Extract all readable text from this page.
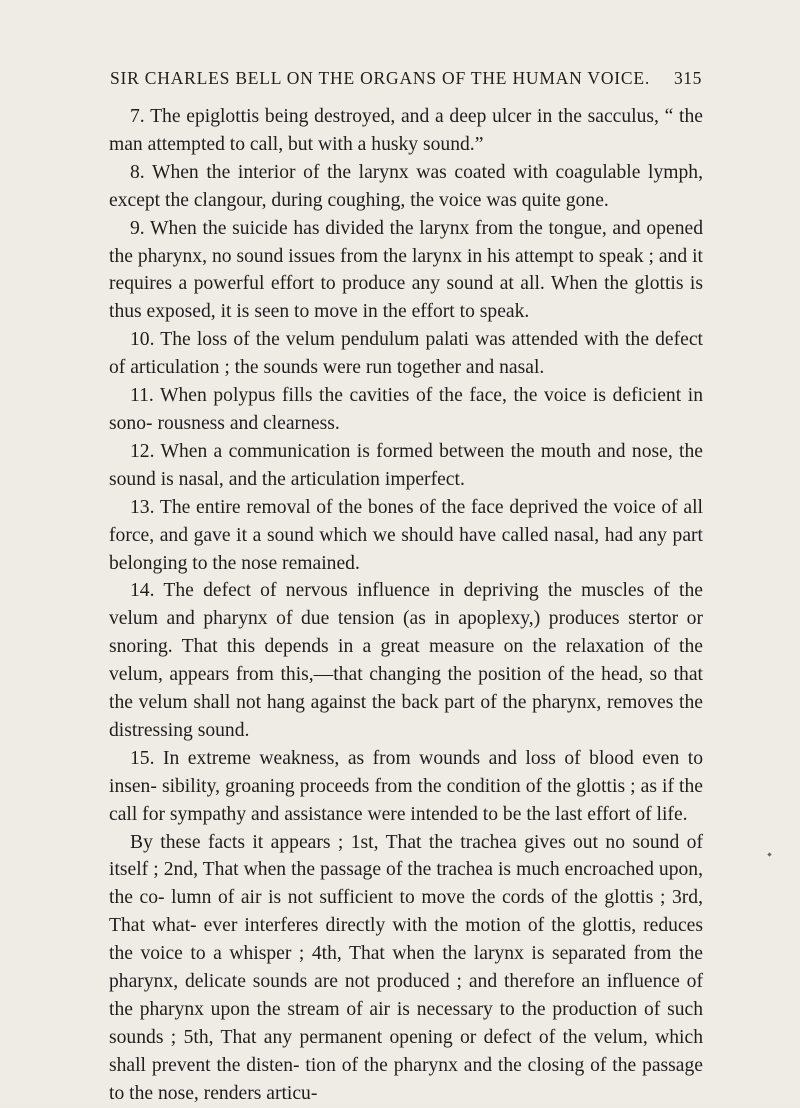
SIR CHARLES BELL ON THE ORGANS OF THE HUMAN VOICE. 315

7. The epiglottis being destroyed, and a deep ulcer in the sacculus, “ the man attempted to call, but with a husky sound.”

8. When the interior of the larynx was coated with coagulable lymph, except the clangour, during coughing, the voice was quite gone.

9. When the suicide has divided the larynx from the tongue, and opened the pharynx, no sound issues from the larynx in his attempt to speak ; and it requires a powerful effort to produce any sound at all. When the glottis is thus exposed, it is seen to move in the effort to speak.

10. The loss of the velum pendulum palati was attended with the defect of articulation ; the sounds were run together and nasal.

11. When polypus fills the cavities of the face, the voice is deficient in sono- rousness and clearness.

12. When a communication is formed between the mouth and nose, the sound is nasal, and the articulation imperfect.

13. The entire removal of the bones of the face deprived the voice of all force, and gave it a sound which we should have called nasal, had any part belonging to the nose remained.

14. The defect of nervous influence in depriving the muscles of the velum and pharynx of due tension (as in apoplexy,) produces stertor or snoring. That this depends in a great measure on the relaxation of the velum, appears from this,—that changing the position of the head, so that the velum shall not hang against the back part of the pharynx, removes the distressing sound.

15. In extreme weakness, as from wounds and loss of blood even to insen- sibility, groaning proceeds from the condition of the glottis ; as if the call for sympathy and assistance were intended to be the last effort of life.

By these facts it appears ; 1st, That the trachea gives out no sound of itself ; 2nd, That when the passage of the trachea is much encroached upon, the co- lumn of air is not sufficient to move the cords of the glottis ; 3rd, That what- ever interferes directly with the motion of the glottis, reduces the voice to a whisper ; 4th, That when the larynx is separated from the pharynx, delicate sounds are not produced ; and therefore an influence of the pharynx upon the stream of air is necessary to the production of such sounds ; 5th, That any permanent opening or defect of the velum, which shall prevent the disten- tion of the pharynx and the closing of the passage to the nose, renders articu-
